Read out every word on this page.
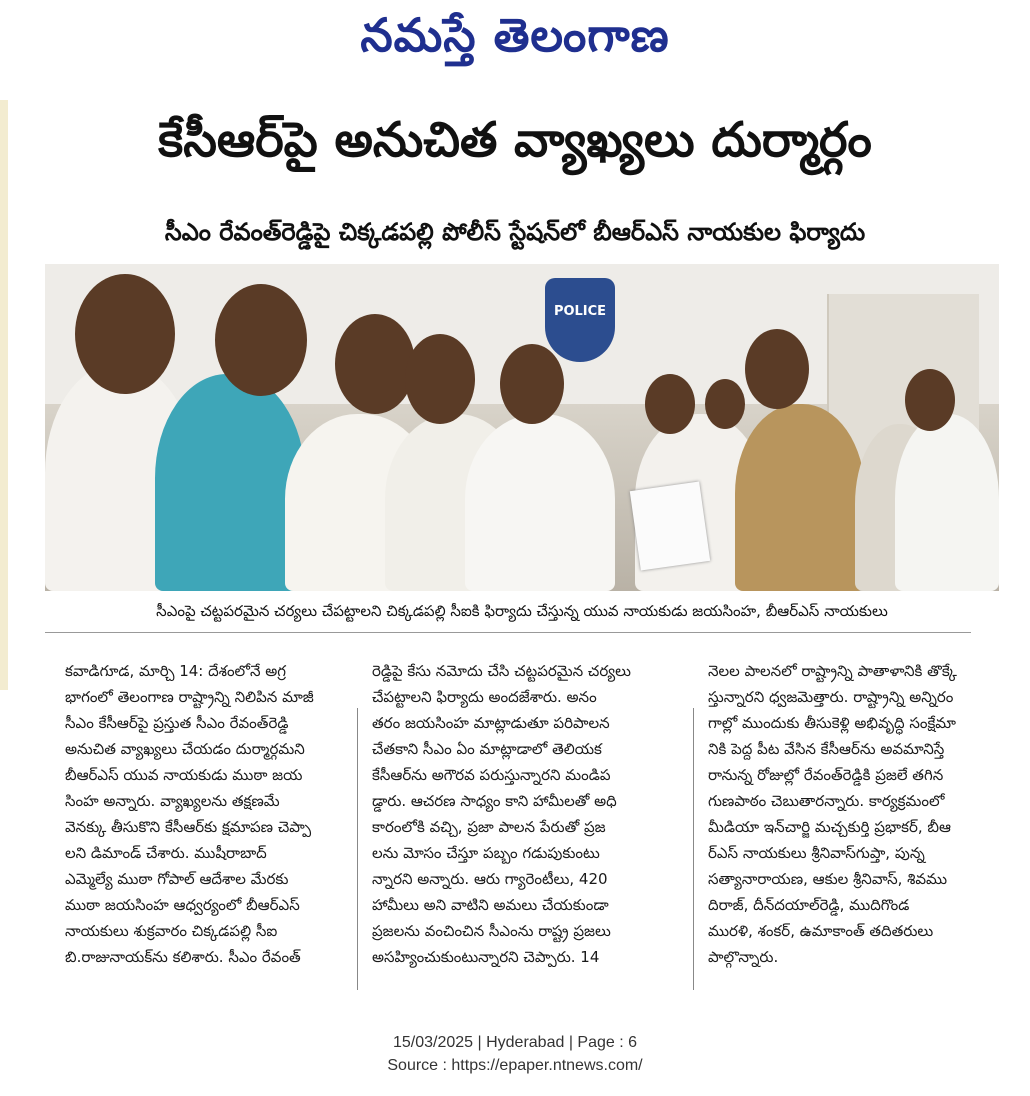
నమస్తే తెలంగాణ
కేసీఆర్‌పై అనుచిత వ్యాఖ్యలు దుర్మార్గం
సీఎం రేవంత్‌రెడ్డిపై చిక్కడపల్లి పోలీస్ స్టేషన్‌లో బీఆర్ఎస్ నాయకుల ఫిర్యాదు
POLICE
సీఎంపై చట్టపరమైన చర్యలు చేపట్టాలని చిక్కడపల్లి సీఐకి ఫిర్యాదు చేస్తున్న యువ నాయకుడు జయసింహ, బీఆర్ఎస్ నాయకులు
కవాడిగూడ, మార్చి 14: దేశంలోనే అగ్ర
భాగంలో తెలంగాణ రాష్ట్రాన్ని నిలిపిన మాజీ
సీఎం కేసీఆర్‌పై ప్రస్తుత సీఎం రేవంత్‌రెడ్డి
అనుచిత వ్యాఖ్యలు చేయడం దుర్మార్గమని
బీఆర్ఎస్ యువ నాయకుడు ముఠా జయ
సింహ అన్నారు. వ్యాఖ్యలను తక్షణమే
వెనక్కు తీసుకొని కేసీఆర్‌కు క్షమాపణ చెప్పా
లని డిమాండ్ చేశారు. ముషీరాబాద్
ఎమ్మెల్యే ముఠా గోపాల్ ఆదేశాల మేరకు
ముఠా జయసింహ ఆధ్వర్యంలో బీఆర్ఎస్
నాయకులు శుక్రవారం చిక్కడపల్లి సీఐ
బి.రాజునాయక్‌ను కలిశారు. సీఎం రేవంత్
రెడ్డిపై కేసు నమోదు చేసి చట్టపరమైన చర్యలు
చేపట్టాలని ఫిర్యాదు అందజేశారు. అనం
తరం జయసింహ మాట్లాడుతూ పరిపాలన
చేతకాని సీఎం ఏం మాట్లాడాలో తెలియక
కేసీఆర్‌ను అగౌరవ పరుస్తున్నారని మండిప
డ్డారు. ఆచరణ సాధ్యం కాని హామీలతో అధి
కారంలోకి వచ్చి, ప్రజా పాలన పేరుతో ప్రజ
లను మోసం చేస్తూ పబ్బం గడుపుకుంటు
న్నారని అన్నారు. ఆరు గ్యారెంటీలు, 420
హామీలు అని వాటిని అమలు చేయకుండా
ప్రజలను వంచించిన సీఎంను రాష్ట్ర ప్రజలు
అసహ్యించుకుంటున్నారని చెప్పారు. 14
నెలల పాలనలో రాష్ట్రాన్ని పాతాళానికి తొక్కే
స్తున్నారని ధ్వజమెత్తారు. రాష్ట్రాన్ని అన్నిరం
గాల్లో ముందుకు తీసుకెళ్లి అభివృద్ధి సంక్షేమా
నికి పెద్ద పీట వేసిన కేసీఆర్‌ను అవమానిస్తే
రానున్న రోజుల్లో రేవంత్‌రెడ్డికి ప్రజలే తగిన
గుణపాఠం చెబుతారన్నారు. కార్యక్రమంలో
మీడియా ఇన్‌చార్జి మచ్చకుర్తి ప్రభాకర్, బీఆ
ర్ఎస్ నాయకులు శ్రీనివాస్‌గుప్తా, పున్న
సత్యానారాయణ, ఆకుల శ్రీనివాస్, శివము
దిరాజ్, దీన్‌దయాల్‌రెడ్డి, ముదిగొండ
మురళి, శంకర్, ఉమాకాంత్ తదితరులు
పాల్గొన్నారు.
15/03/2025 | Hyderabad | Page : 6
Source : https://epaper.ntnews.com/
